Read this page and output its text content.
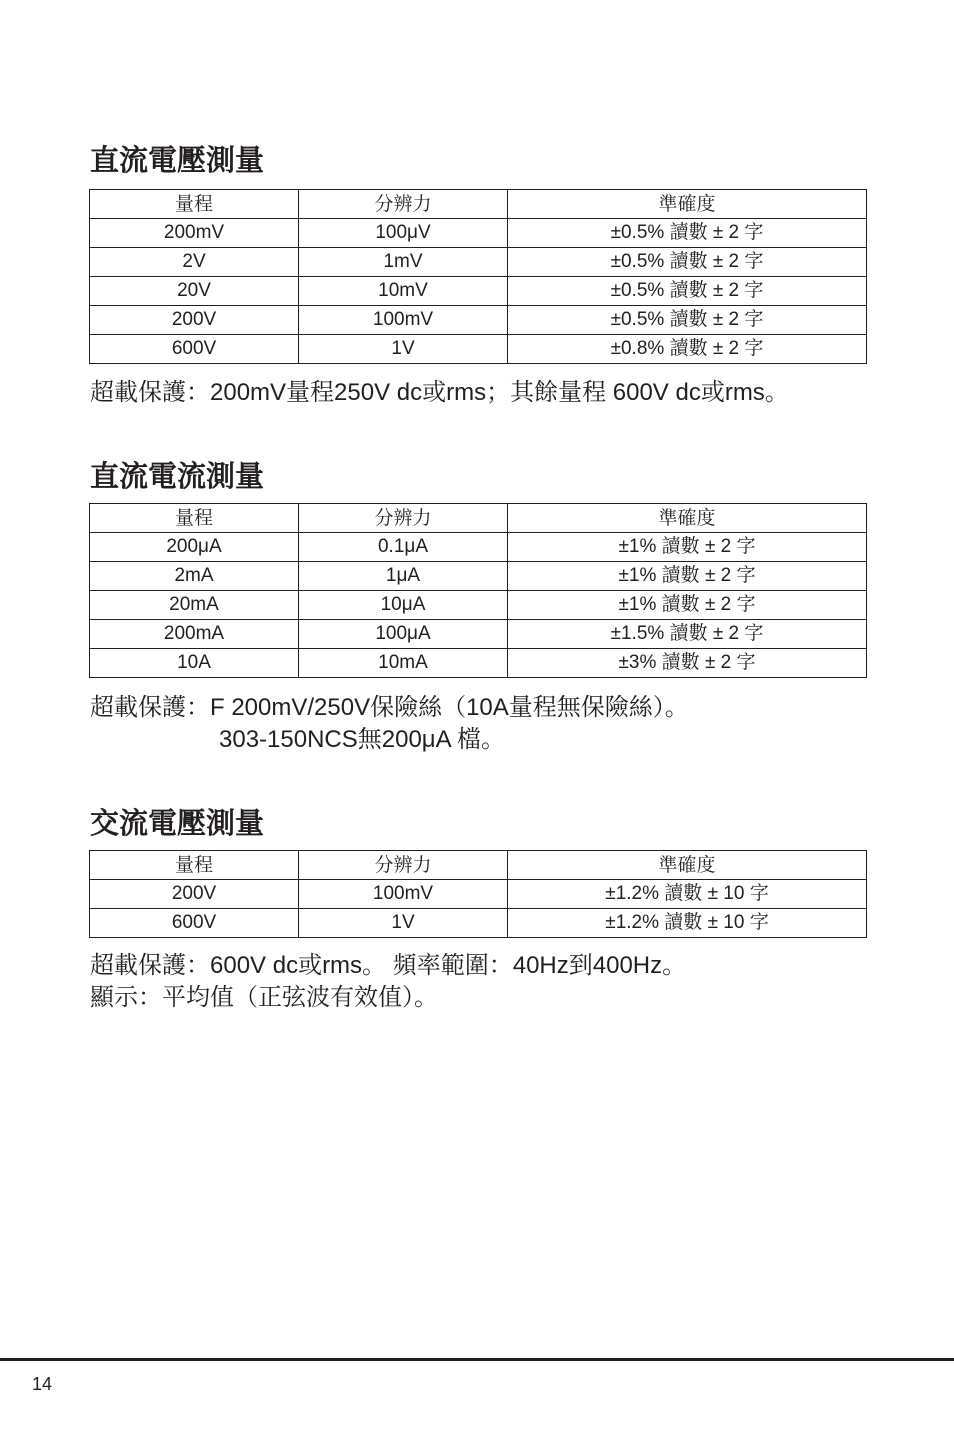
直流電壓測量
量程	分辨力	準確度
200mV	100μV	±0.5% 讀數 ± 2 字
2V	1mV	±0.5% 讀數 ± 2 字
20V	10mV	±0.5% 讀數 ± 2 字
200V	100mV	±0.5% 讀數 ± 2 字
600V	1V	±0.8% 讀數 ± 2 字

超載保護：200mV量程250V dc或rms；其餘量程 600V dc或rms。

直流電流測量
量程	分辨力	準確度
200μA	0.1μA	±1% 讀數 ± 2 字
2mA	1μA	±1% 讀數 ± 2 字
20mA	10μA	±1% 讀數 ± 2 字
200mA	100μA	±1.5% 讀數 ± 2 字
10A	10mA	±3% 讀數 ± 2 字

超載保護：F 200mV/250V保險絲（10A量程無保險絲）。
303-150NCS無200μA 檔。

交流電壓測量
量程	分辨力	準確度
200V	100mV	±1.2% 讀數 ± 10 字
600V	1V	±1.2% 讀數 ± 10 字

超載保護：600V dc或rms。 頻率範圍：40Hz到400Hz。
顯示：平均值（正弦波有效值）。

14
